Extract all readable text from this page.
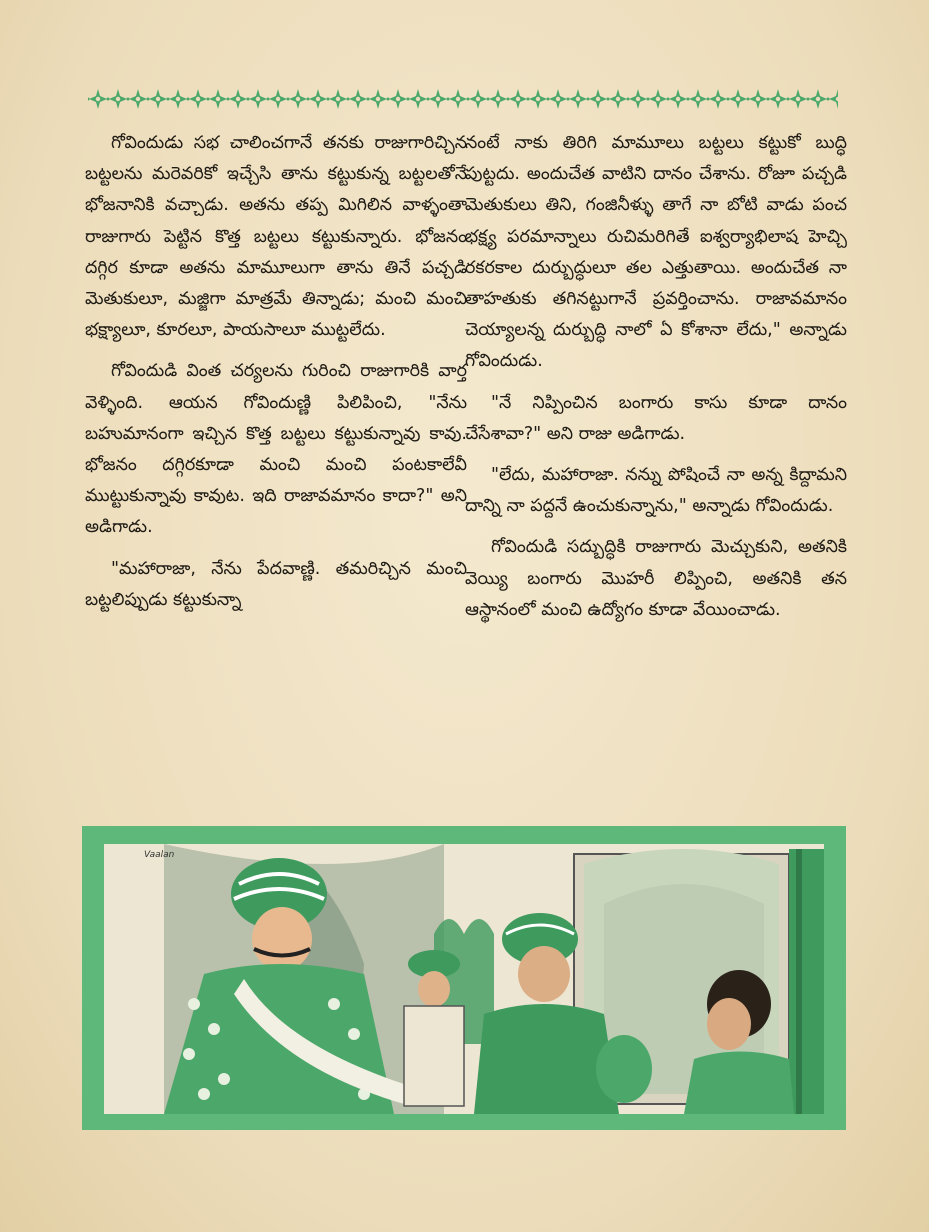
గోవిందుడు సభ చాలించగానే తనకు రాజుగారిచ్చిన బట్టలను మరెవరికో ఇచ్చేసి తాను కట్టుకున్న బట్టలతోనే భోజనానికి వచ్చాడు. అతను తప్ప మిగిలిన వాళ్ళంతా రాజుగారు పెట్టిన కొత్త బట్టలు కట్టుకున్నారు. భోజనం దగ్గిర కూడా అతను మామూలుగా తాను తినే పచ్చడి మెతుకులూ, మజ్జిగా మాత్రమే తిన్నాడు; మంచి మంచి భక్ష్యాలూ, కూరలూ, పాయసాలూ ముట్టలేదు.

గోవిందుడి వింత చర్యలను గురించి రాజుగారికి వార్త వెళ్ళింది. ఆయన గోవిందుణ్ణి పిలిపించి, "నేను బహుమానంగా ఇచ్చిన కొత్త బట్టలు కట్టుకున్నావు కావు. భోజనం దగ్గిరకూడా మంచి మంచి పంటకాలేవీ ముట్టుకున్నావు కావుట. ఇది రాజావమానం కాదా?" అని అడిగాడు.

"మహారాజా, నేను పేదవాణ్ణి. తమరిచ్చిన మంచి బట్టలిప్పుడు కట్టుకున్నా

నంటే నాకు తిరిగి మామూలు బట్టలు కట్టుకో బుద్ధి పుట్టదు. అందుచేత వాటిని దానం చేశాను. రోజూ పచ్చడి మెతుకులు తిని, గంజినీళ్ళు తాగే నా బోటి వాడు పంచ భక్ష్య పరమాన్నాలు రుచిమరిగితే ఐశ్వర్యాభిలాష హెచ్చి రకరకాల దుర్బుద్ధులూ తల ఎత్తుతాయి. అందుచేత నా తాహతుకు తగినట్టుగానే ప్రవర్తించాను. రాజావమానం చెయ్యాలన్న దుర్బుద్ధి నాలో ఏ కోశానా లేదు," అన్నాడు గోవిందుడు.

"నే నిప్పించిన బంగారు కాసు కూడా దానం చేసేశావా?" అని రాజు అడిగాడు.

"లేదు, మహారాజా. నన్ను పోషించే నా అన్న కిద్దామని దాన్ని నా పద్దనే ఉంచుకున్నాను," అన్నాడు గోవిందుడు.

గోవిందుడి సద్బుద్ధికి రాజుగారు మెచ్చుకుని, అతనికి వెయ్యి బంగారు మొహరీ లిప్పించి, అతనికి తన ఆస్థానంలో మంచి ఉద్యోగం కూడా వేయించాడు.

Vaalan
